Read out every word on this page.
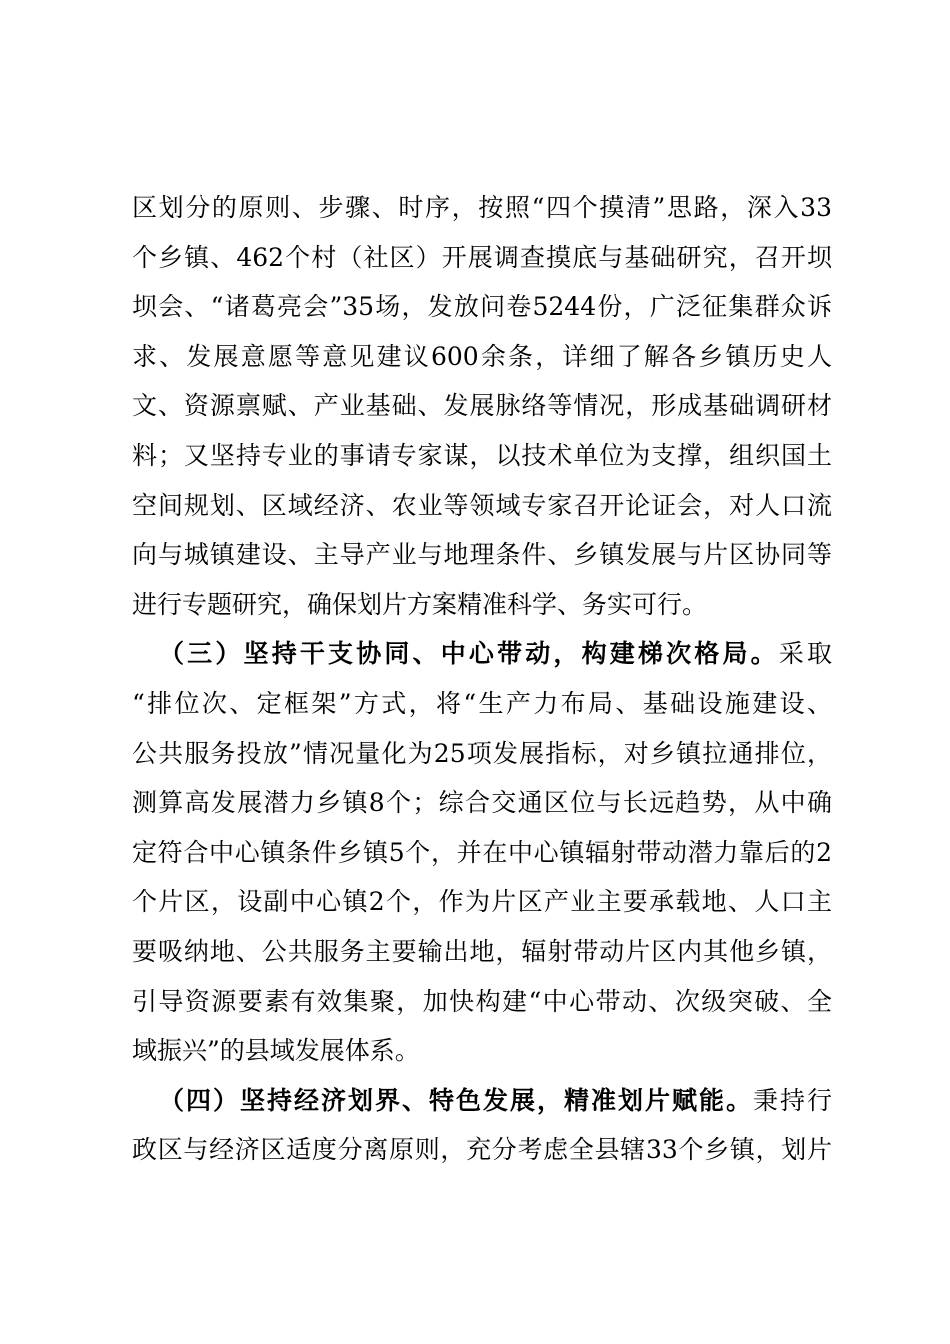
区划分的原则、步骤、时序，按照“四个摸清”思路，深入33
个乡镇、462个村（社区）开展调查摸底与基础研究，召开坝
坝会、“诸葛亮会”35场，发放问卷5244份，广泛征集群众诉
求、发展意愿等意见建议600余条，详细了解各乡镇历史人
文、资源禀赋、产业基础、发展脉络等情况，形成基础调研材
料；又坚持专业的事请专家谋，以技术单位为支撑，组织国土
空间规划、区域经济、农业等领域专家召开论证会，对人口流
向与城镇建设、主导产业与地理条件、乡镇发展与片区协同等
进行专题研究，确保划片方案精准科学、务实可行。
（三）坚持干支协同、中心带动，构建梯次格局。采取
“排位次、定框架”方式，将“生产力布局、基础设施建设、
公共服务投放”情况量化为25项发展指标，对乡镇拉通排位，
测算高发展潜力乡镇8个；综合交通区位与长远趋势，从中确
定符合中心镇条件乡镇5个，并在中心镇辐射带动潜力靠后的2
个片区，设副中心镇2个，作为片区产业主要承载地、人口主
要吸纳地、公共服务主要输出地，辐射带动片区内其他乡镇，
引导资源要素有效集聚，加快构建“中心带动、次级突破、全
域振兴”的县域发展体系。
（四）坚持经济划界、特色发展，精准划片赋能。秉持行
政区与经济区适度分离原则，充分考虑全县辖33个乡镇，划片
